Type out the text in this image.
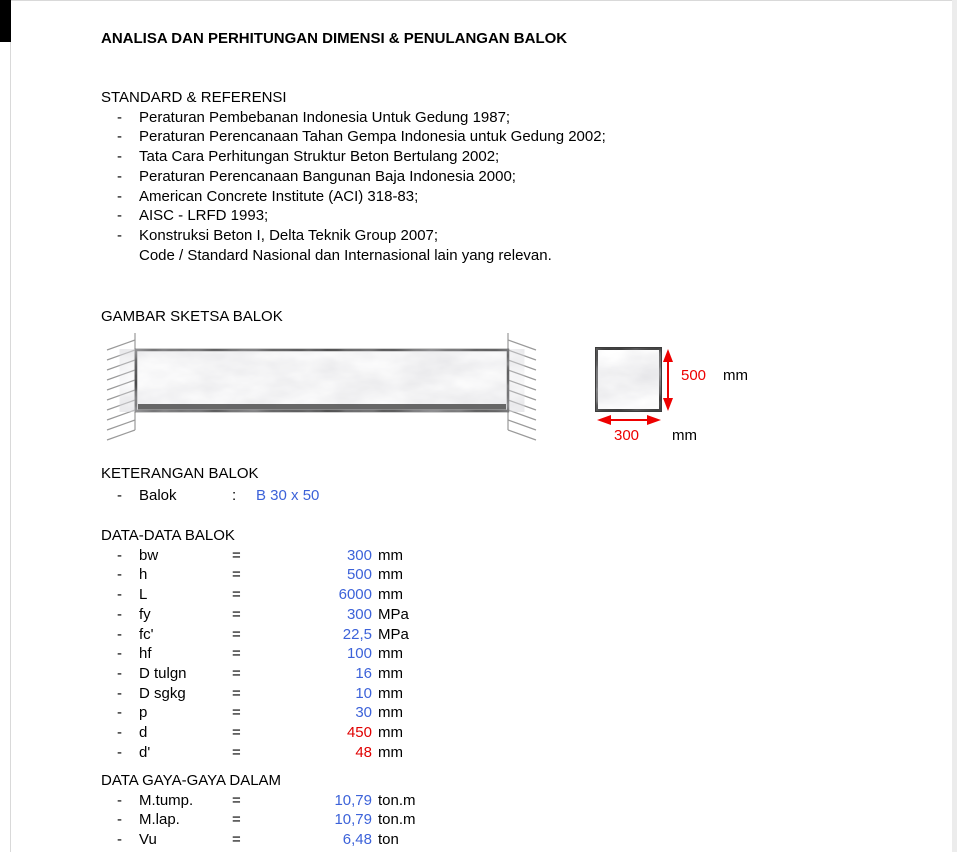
ANALISA DAN PERHITUNGAN DIMENSI & PENULANGAN BALOK
STANDARD & REFERENSI
-	Peraturan Pembebanan Indonesia Untuk Gedung 1987;
-	Peraturan Perencanaan Tahan Gempa Indonesia untuk Gedung 2002;
-	Tata Cara Perhitungan Struktur Beton Bertulang 2002;
-	Peraturan Perencanaan Bangunan Baja Indonesia 2000;
-	American Concrete Institute (ACI) 318-83;
-	AISC - LRFD 1993;
-	Konstruksi Beton I, Delta Teknik Group 2007;
Code / Standard Nasional dan Internasional lain yang relevan.
GAMBAR SKETSA BALOK
500 mm
300 mm
KETERANGAN BALOK
-	Balok	:	B 30 x 50
DATA-DATA BALOK
-	bw	=	300 mm
-	h	=	500 mm
-	L	=	6000 mm
-	fy	=	300 MPa
-	fc'	=	22,5 MPa
-	hf	=	100 mm
-	D tulgn	=	16 mm
-	D sgkg	=	10 mm
-	p	=	30 mm
-	d	=	450 mm
-	d'	=	48 mm
DATA GAYA-GAYA DALAM
-	M.tump.	=	10,79 ton.m
-	M.lap.	=	10,79 ton.m
-	Vu	=	6,48 ton
